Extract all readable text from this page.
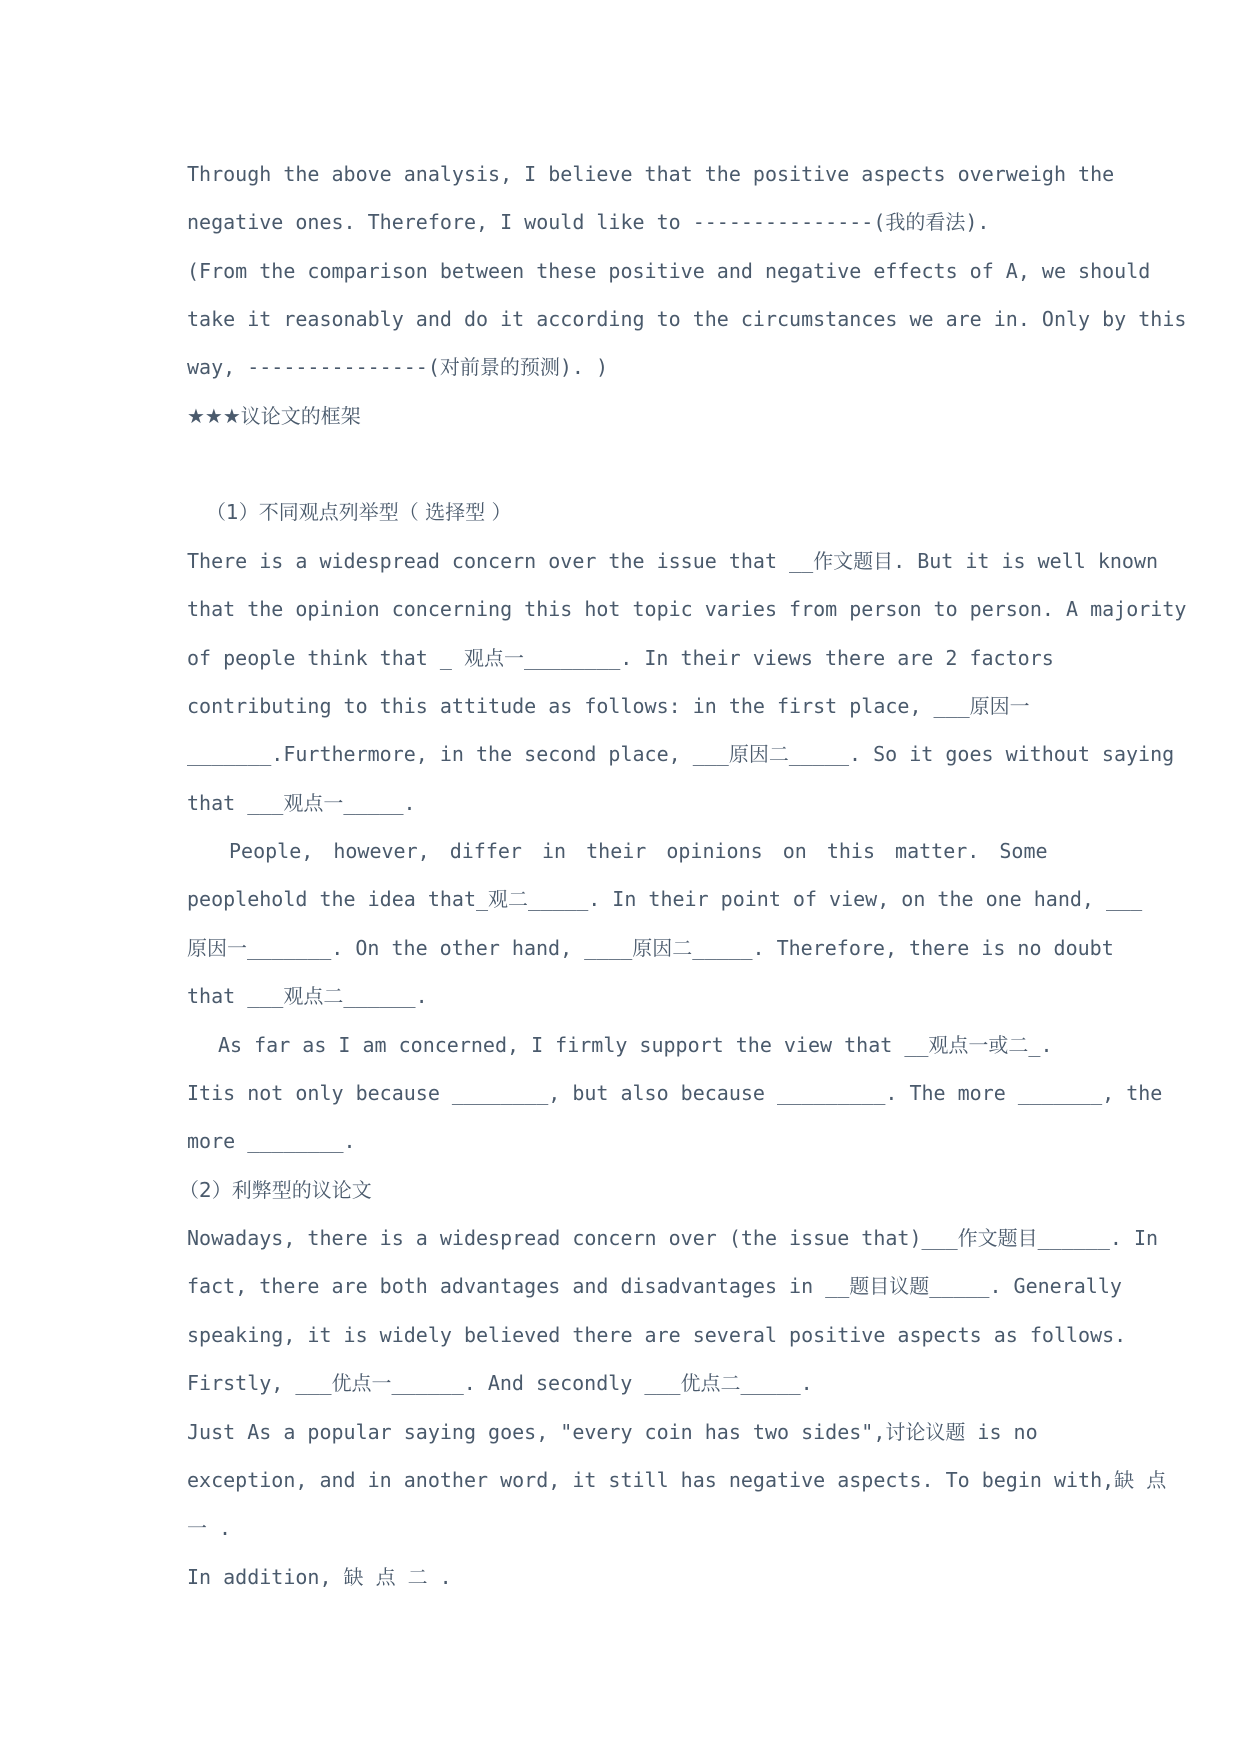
Through the above analysis, I believe that the positive aspects overweigh the
negative ones. Therefore, I would like to ---------------(我的看法).
(From the comparison between these positive and negative effects of A, we should
take it reasonably and do it according to the circumstances we are in. Only by this
way, ---------------(对前景的预测). )
★★★议论文的框架
（1）不同观点列举型（ 选择型 ）
There is a widespread concern over the issue that __作文题目. But it is well known
that the opinion concerning this hot topic varies from person to person. A majority
of people think that _ 观点一________. In their views there are 2 factors
contributing to this attitude as follows: in the first place, ___原因一
_______.Furthermore, in the second place, ___原因二_____. So it goes without saying
that ___观点一_____.
People, however, differ in their opinions on this matter. Some
peoplehold the idea that_观二_____. In their point of view, on the one hand, ___
原因一_______. On the other hand, ____原因二_____. Therefore, there is no doubt
that ___观点二______.
As far as I am concerned, I firmly support the view that __观点一或二_.
Itis not only because ________, but also because _________. The more _______, the
more ________.
（2）利弊型的议论文
Nowadays, there is a widespread concern over (the issue that)___作文题目______. In
fact, there are both advantages and disadvantages in __题目议题_____. Generally
speaking, it is widely believed there are several positive aspects as follows.
Firstly, ___优点一______. And secondly ___优点二_____.
Just As a popular saying goes, "every coin has two sides",讨论议题 is no
exception, and in another word, it still has negative aspects. To begin with,缺 点
一 .
In addition, 缺 点 二 .
